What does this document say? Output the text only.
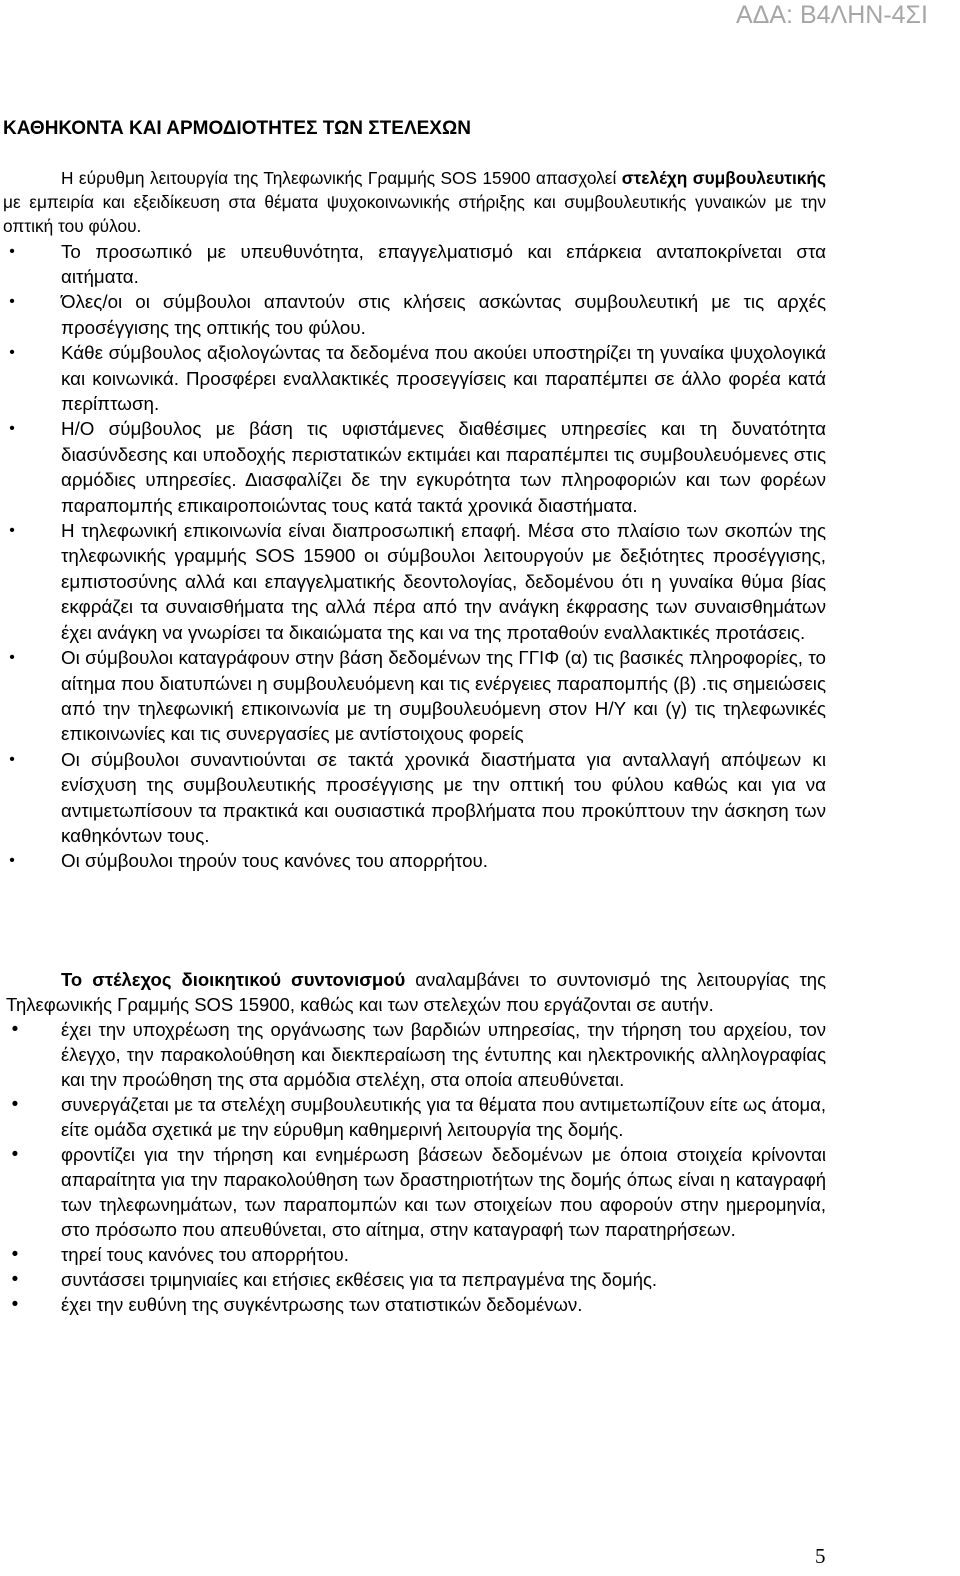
ΑΔΑ: Β4ΛΗΝ-4ΣΙ
ΚΑΘΗΚΟΝΤΑ ΚΑΙ ΑΡΜΟΔΙΟΤΗΤΕΣ ΤΩΝ ΣΤΕΛΕΧΩΝ

Η εύρυθμη λειτουργία της Τηλεφωνικής Γραμμής SOS 15900 απασχολεί στελέχη συμβουλευτικής με εμπειρία και εξειδίκευση στα θέματα ψυχοκοινωνικής στήριξης και συμβουλευτικής γυναικών με την οπτική του φύλου.

•	Το προσωπικό με υπευθυνότητα, επαγγελματισμό και επάρκεια ανταποκρίνεται στα αιτήματα.
•	Όλες/οι οι σύμβουλοι απαντούν στις κλήσεις ασκώντας συμβουλευτική με τις αρχές προσέγγισης της οπτικής του φύλου.
•	Κάθε σύμβουλος αξιολογώντας τα δεδομένα που ακούει υποστηρίζει τη γυναίκα ψυχολογικά και κοινωνικά. Προσφέρει εναλλακτικές προσεγγίσεις και παραπέμπει σε άλλο φορέα κατά περίπτωση.
•	Η/Ο σύμβουλος με βάση τις υφιστάμενες διαθέσιμες υπηρεσίες και τη δυνατότητα διασύνδεσης και υποδοχής περιστατικών εκτιμάει και παραπέμπει τις συμβουλευόμενες στις αρμόδιες υπηρεσίες. Διασφαλίζει δε την εγκυρότητα των πληροφοριών και των φορέων παραπομπής επικαιροποιώντας τους κατά τακτά χρονικά διαστήματα.
•	Η τηλεφωνική επικοινωνία είναι διαπροσωπική επαφή. Μέσα στο πλαίσιο των σκοπών της τηλεφωνικής γραμμής SOS 15900 οι σύμβουλοι λειτουργούν με δεξιότητες προσέγγισης, εμπιστοσύνης αλλά και επαγγελματικής δεοντολογίας, δεδομένου ότι η γυναίκα θύμα βίας εκφράζει τα συναισθήματα της αλλά πέρα από την ανάγκη έκφρασης των συναισθημάτων έχει ανάγκη να γνωρίσει τα δικαιώματα της και να της προταθούν εναλλακτικές προτάσεις.
•	Οι σύμβουλοι καταγράφουν στην βάση δεδομένων της ΓΓΙΦ (α) τις βασικές πληροφορίες, το αίτημα που διατυπώνει η συμβουλευόμενη και τις ενέργειες παραπομπής (β) .τις σημειώσεις από την τηλεφωνική επικοινωνία με τη συμβουλευόμενη στον Η/Υ και (γ) τις τηλεφωνικές επικοινωνίες και τις συνεργασίες με αντίστοιχους φορείς
•	Οι σύμβουλοι συναντιούνται σε τακτά χρονικά διαστήματα για ανταλλαγή απόψεων κι ενίσχυση της συμβουλευτικής προσέγγισης με την οπτική του φύλου καθώς και για να αντιμετωπίσουν τα πρακτικά και ουσιαστικά προβλήματα που προκύπτουν την άσκηση των καθηκόντων τους.
•	Οι σύμβουλοι τηρούν τους κανόνες του απορρήτου.

Το στέλεχος διοικητικού συντονισμού αναλαμβάνει το συντονισμό της λειτουργίας της Τηλεφωνικής Γραμμής SOS 15900, καθώς και των στελεχών που εργάζονται σε αυτήν.

•	έχει την υποχρέωση της οργάνωσης των βαρδιών υπηρεσίας, την τήρηση του αρχείου, τον έλεγχο, την παρακολούθηση και διεκπεραίωση της έντυπης και ηλεκτρονικής αλληλογραφίας και την προώθηση της στα αρμόδια στελέχη, στα οποία απευθύνεται.
•	συνεργάζεται με τα στελέχη συμβουλευτικής για τα θέματα που αντιμετωπίζουν είτε ως άτομα, είτε ομάδα σχετικά με την εύρυθμη καθημερινή λειτουργία της δομής.
•	φροντίζει για την τήρηση και ενημέρωση βάσεων δεδομένων με όποια στοιχεία κρίνονται απαραίτητα για την παρακολούθηση των δραστηριοτήτων της δομής όπως είναι η καταγραφή των τηλεφωνημάτων, των παραπομπών και των στοιχείων που αφορούν στην ημερομηνία, στο πρόσωπο που απευθύνεται, στο αίτημα, στην καταγραφή των παρατηρήσεων.
•	τηρεί τους κανόνες του απορρήτου.
•	συντάσσει τριμηνιαίες και ετήσιες εκθέσεις για τα πεπραγμένα της δομής.
•	έχει την ευθύνη της συγκέντρωσης των στατιστικών δεδομένων.
5
